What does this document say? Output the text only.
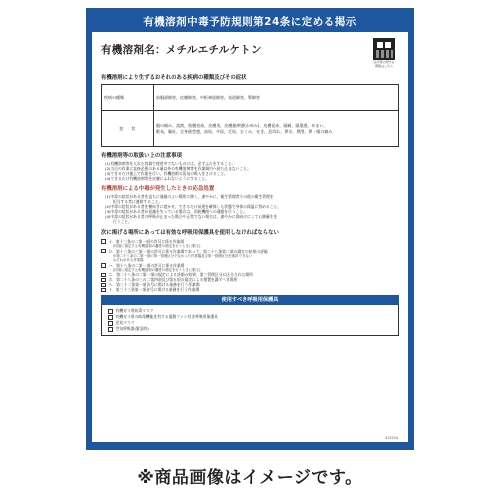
有機溶剤中毒予防規則第24条に定める掲示
有機溶剤名：メチルエチルケトン
法令等に関する
情報はこちら
有機溶剤により生ずるおそれのある疾病の種類及びその症状
疾病の種類	前眼部障害，皮膚障害，中枢神経障害，気道障害，腎障害
症　　状	眼の痛み，流涙，結膜充血，皮膚炎，皮膚掻痒感(かゆみ)，皮膚発赤，頭痛，頭重感，めまい，
眠気，嘔吐，全身倦怠感，血尿，多尿，乏尿，むくみ，せき，息切れ，鼻水，鼻閉，鼻・喉の痛み
有機溶剤等の取扱い上の注意事項
(1)有機溶剤等を入れた容器で使用中でないものには，必ずふたをすること。
(2)当日の作業に直接必要のある量以外の有機溶剤等を作業場内へ持ち込まないこと。
(3)できるだけ風上で作業を行い，有機溶剤の蒸気の吸入をさけること。
(4)できるだけ有機溶剤等を皮膚にふれないようにすること。
有機溶剤による中毒が発生したときの応急処置
(1)中毒の症状がある者を直ちに通風のよい場所に移し，速やかに，衛生管理者その他の衛生管理を
担当する者に連絡すること。
(2)中毒の症状がある者を横向きに寝かせ，できるだけ気道を確保した状態で身体の保温に努めること。
(3)中毒の症状がある者が意識を失っている場合は，消防機関への通報を行うこと。
(4)中毒の症状がある者の呼吸が止まった場合や正常でない場合は，速やかに仰向けにして心肺蘇生を
行うこと。
次に掲げる場所にあっては有効な呼吸用保護具を使用しなければならない
イ．第十三条の二第一項の許可に係る作業場
(同項に規定する有機溶剤の濃度の測定を行うときに限る)
ロ．第十三条の三第一項の許可に係る作業場であって，第二十八条第二項の測定の結果の評価
が第二十八条の二第一項の第一管理区分でなかった作業場及び第一管理区分を維持できない
おそれがある作業場
ハ．第十八条の二第一項の許可に係る作業場
(同項に規定する有機溶剤の濃度の測定を行うときに限る)
ニ．第二十八条の二第一項の規定による評価の結果，第三管理区分に区分された場所
ホ．第二十八条の三の二第四項及び第五項の規定による措置を講ずべき場所
へ．第三十二条第一項各号に掲げる業務を行う作業場
ト．第三十三条第一項各号に掲げる業務を行う作業場
使用すべき呼吸用保護具
有機ガス用防毒マスク
有機ガス用の防毒機能を有する電動ファン付き呼吸用保護具
送気マスク
空気呼吸器(緊急時)
412534
※商品画像はイメージです。
